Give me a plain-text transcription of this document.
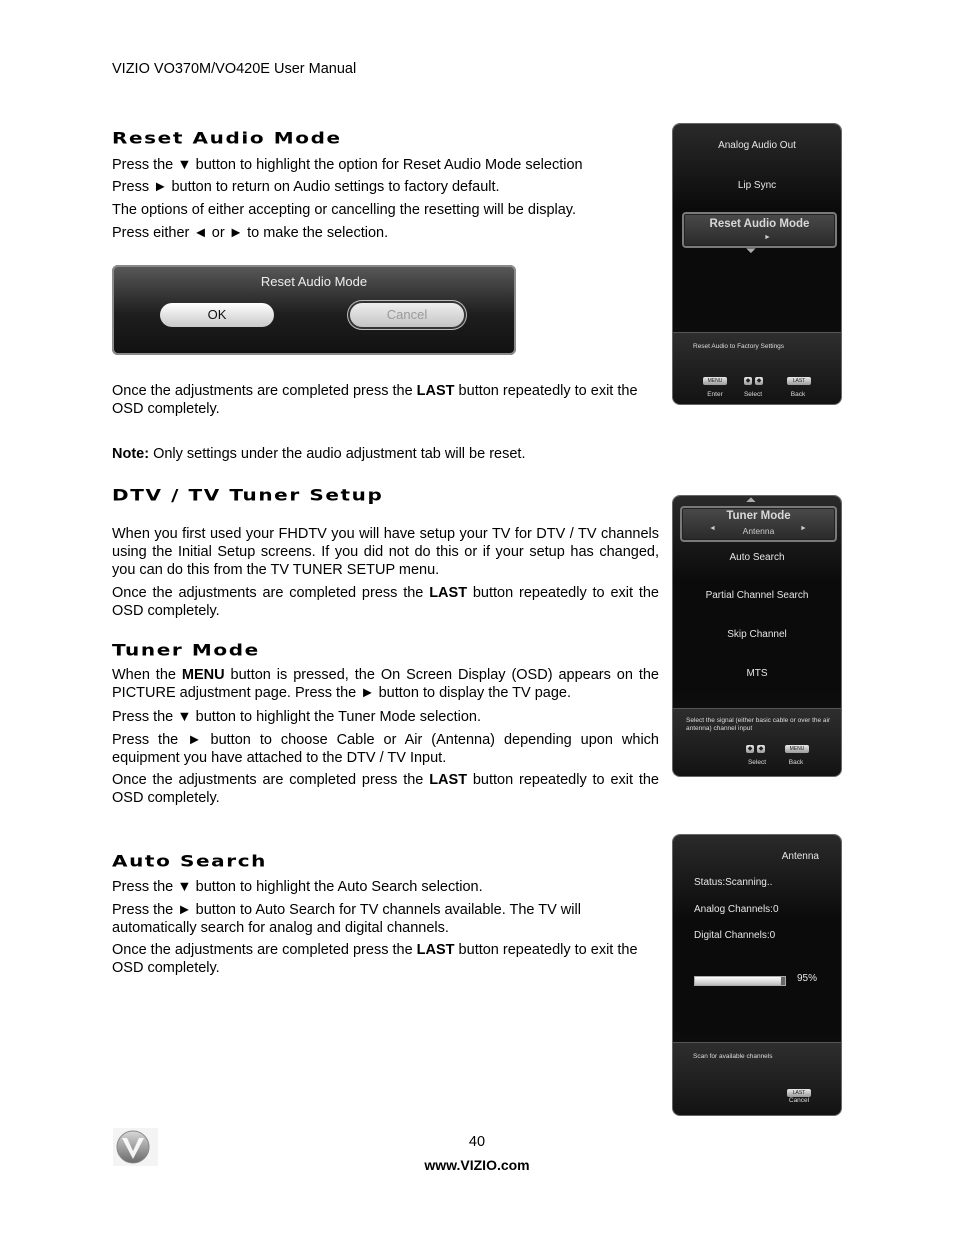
VIZIO VO370M/VO420E User Manual
Reset Audio Mode
Press the ▼ button to highlight the option for Reset Audio Mode selection
Press ► button to return on Audio settings to factory default.
The options of either accepting or cancelling the resetting will be display.
Press either ◄ or ► to make the selection.
Reset Audio Mode
OK	Cancel
Once the adjustments are completed press the LAST button repeatedly to exit the OSD completely.
Note: Only settings under the audio adjustment tab will be reset.
Analog Audio Out
Lip Sync
Reset Audio Mode
►
▼
Reset Audio to Factory Settings
MENU	◆ ◆	LAST
Enter	Select	Back
DTV / TV Tuner Setup
When you first used your FHDTV you will have setup your TV for DTV / TV channels using the Initial Setup screens. If you did not do this or if your setup has changed, you can do this from the TV TUNER SETUP menu.
Once the adjustments are completed press the LAST button repeatedly to exit the OSD completely.
Tuner Mode
When the MENU button is pressed, the On Screen Display (OSD) appears on the PICTURE adjustment page. Press the ► button to display the TV page.
Press the ▼ button to highlight the Tuner Mode selection.
Press the ► button to choose Cable or Air (Antenna) depending upon which equipment you have attached to the DTV / TV Input.
Once the adjustments are completed press the LAST button repeatedly to exit the OSD completely.
▲
Tuner Mode
◄	Antenna	►
Auto Search
Partial Channel Search
Skip Channel
MTS
Select the signal (either basic cable or over the air antenna) channel input
◆ ◆	MENU
Select	Back
Auto Search
Press the ▼ button to highlight the Auto Search selection.
Press the ► button to Auto Search for TV channels available. The TV will automatically search for analog and digital channels.
Once the adjustments are completed press the LAST button repeatedly to exit the OSD completely.
Antenna
Status:Scanning..
Analog Channels:0
Digital Channels:0
95%
Scan for available channels
LAST
Cancel
40
www.VIZIO.com
